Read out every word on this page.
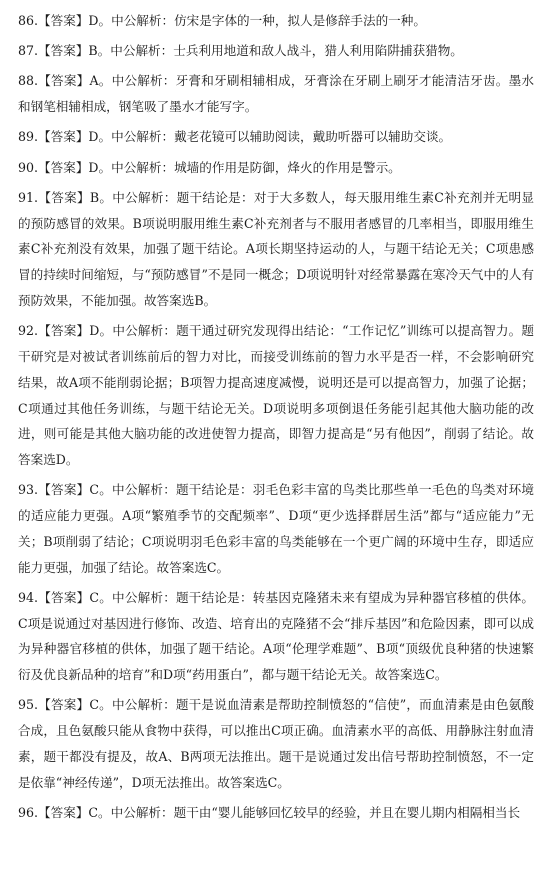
86.【答案】D。中公解析：仿宋是字体的一种，拟人是修辞手法的一种。

87.【答案】B。中公解析：士兵利用地道和敌人战斗，猎人利用陷阱捕获猎物。

88.【答案】A。中公解析：牙膏和牙刷相辅相成，牙膏涂在牙刷上刷牙才能清洁牙齿。墨水和钢笔相辅相成，钢笔吸了墨水才能写字。

89.【答案】D。中公解析：戴老花镜可以辅助阅读，戴助听器可以辅助交谈。

90.【答案】D。中公解析：城墙的作用是防御，烽火的作用是警示。

91.【答案】B。中公解析：题干结论是：对于大多数人，每天服用维生素C补充剂并无明显的预防感冒的效果。B项说明服用维生素C补充剂者与不服用者感冒的几率相当，即服用维生素C补充剂没有效果，加强了题干结论。A项长期坚持运动的人，与题干结论无关；C项患感冒的持续时间缩短，与“预防感冒”不是同一概念；D项说明针对经常暴露在寒冷天气中的人有预防效果，不能加强。故答案选B。

92.【答案】D。中公解析：题干通过研究发现得出结论：“工作记忆”训练可以提高智力。题干研究是对被试者训练前后的智力对比，而接受训练前的智力水平是否一样，不会影响研究结果，故A项不能削弱论据；B项智力提高速度减慢，说明还是可以提高智力，加强了论据；C项通过其他任务训练，与题干结论无关。D项说明多项倒退任务能引起其他大脑功能的改进，则可能是其他大脑功能的改进使智力提高，即智力提高是“另有他因”，削弱了结论。故答案选D。

93.【答案】C。中公解析：题干结论是：羽毛色彩丰富的鸟类比那些单一毛色的鸟类对环境的适应能力更强。A项“繁殖季节的交配频率”、D项“更少选择群居生活”都与“适应能力”无关；B项削弱了结论；C项说明羽毛色彩丰富的鸟类能够在一个更广阔的环境中生存，即适应能力更强，加强了结论。故答案选C。

94.【答案】C。中公解析：题干结论是：转基因克隆猪未来有望成为异种器官移植的供体。C项是说通过对基因进行修饰、改造、培育出的克隆猪不会“排斥基因”和危险因素，即可以成为异种器官移植的供体，加强了题干结论。A项“伦理学难题”、B项“顶级优良种猪的快速繁衍及优良新品种的培育”和D项“药用蛋白”，都与题干结论无关。故答案选C。

95.【答案】C。中公解析：题干是说血清素是帮助控制愤怒的“信使”，而血清素是由色氨酸合成，且色氨酸只能从食物中获得，可以推出C项正确。血清素水平的高低、用静脉注射血清素，题干都没有提及，故A、B两项无法推出。题干是说通过发出信号帮助控制愤怒，不一定是依靠“神经传递”，D项无法推出。故答案选C。

96.【答案】C。中公解析：题干由“婴儿能够回忆较早的经验，并且在婴儿期内相隔相当长
